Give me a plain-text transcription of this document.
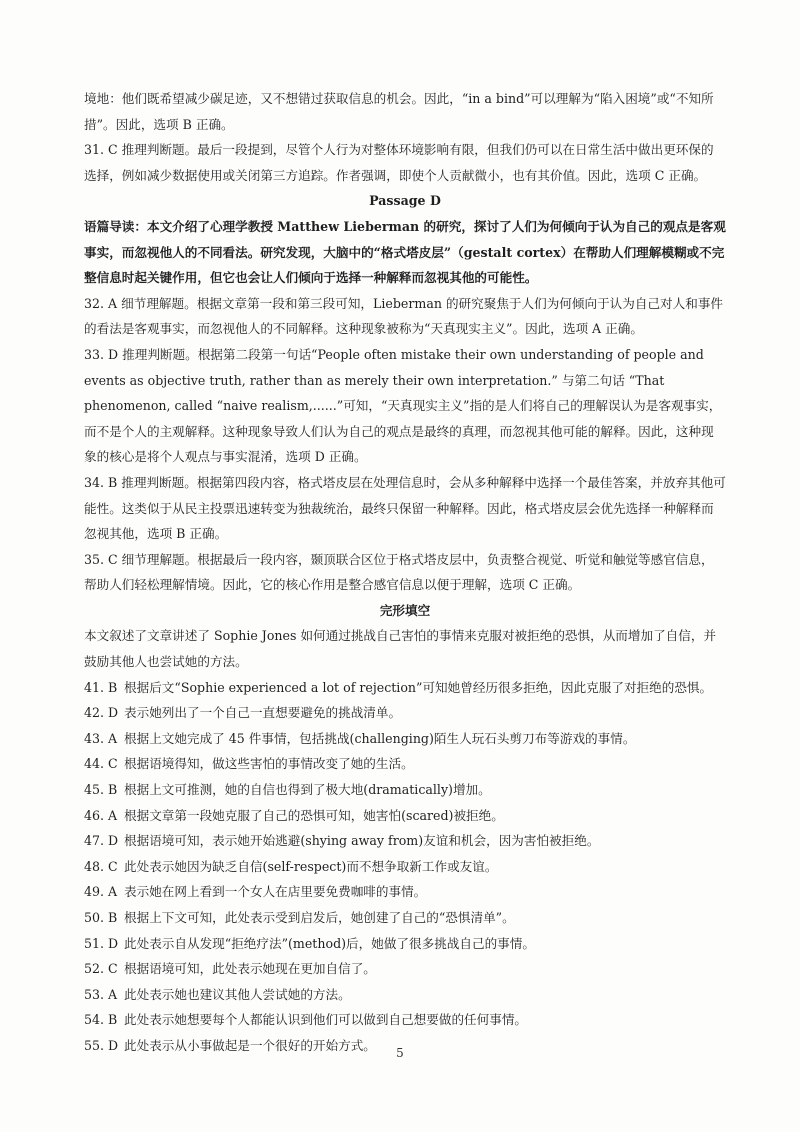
境地：他们既希望减少碳足迹，又不想错过获取信息的机会。因此，“in a bind”可以理解为“陷入困境”或“不知所措”。因此，选项 B 正确。

31. C 推理判断题。最后一段提到，尽管个人行为对整体环境影响有限，但我们仍可以在日常生活中做出更环保的选择，例如减少数据使用或关闭第三方追踪。作者强调，即使个人贡献微小，也有其价值。因此，选项 C 正确。

Passage D

语篇导读：本文介绍了心理学教授 Matthew Lieberman 的研究，探讨了人们为何倾向于认为自己的观点是客观事实，而忽视他人的不同看法。研究发现，大脑中的“格式塔皮层”（gestalt cortex）在帮助人们理解模糊或不完整信息时起关键作用，但它也会让人们倾向于选择一种解释而忽视其他的可能性。

32. A 细节理解题。根据文章第一段和第三段可知，Lieberman 的研究聚焦于人们为何倾向于认为自己对人和事件的看法是客观事实，而忽视他人的不同解释。这种现象被称为“天真现实主义”。因此，选项 A 正确。

33. D 推理判断题。根据第二段第一句话“People often mistake their own understanding of people and events as objective truth, rather than as merely their own interpretation.” 与第二句话 “That phenomenon, called “naive realism,......”可知，“天真现实主义”指的是人们将自己的理解误认为是客观事实，而不是个人的主观解释。这种现象导致人们认为自己的观点是最终的真理，而忽视其他可能的解释。因此，这种现象的核心是将个人观点与事实混淆，选项 D 正确。

34. B 推理判断题。根据第四段内容，格式塔皮层在处理信息时，会从多种解释中选择一个最佳答案，并放弃其他可能性。这类似于从民主投票迅速转变为独裁统治，最终只保留一种解释。因此，格式塔皮层会优先选择一种解释而忽视其他，选项 B 正确。

35. C 细节理解题。根据最后一段内容，颞顶联合区位于格式塔皮层中，负责整合视觉、听觉和触觉等感官信息，帮助人们轻松理解情境。因此，它的核心作用是整合感官信息以便于理解，选项 C 正确。

完形填空

本文叙述了文章讲述了 Sophie Jones 如何通过挑战自己害怕的事情来克服对被拒绝的恐惧，从而增加了自信，并鼓励其他人也尝试她的方法。

41. B 根据后文“Sophie experienced a lot of rejection”可知她曾经历很多拒绝，因此克服了对拒绝的恐惧。
42. D 表示她列出了一个自己一直想要避免的挑战清单。
43. A 根据上文她完成了 45 件事情，包括挑战(challenging)陌生人玩石头剪刀布等游戏的事情。
44. C 根据语境得知，做这些害怕的事情改变了她的生活。
45. B 根据上文可推测，她的自信也得到了极大地(dramatically)增加。
46. A 根据文章第一段她克服了自己的恐惧可知，她害怕(scared)被拒绝。
47. D 根据语境可知，表示她开始逃避(shying away from)友谊和机会，因为害怕被拒绝。
48. C 此处表示她因为缺乏自信(self-respect)而不想争取新工作或友谊。
49. A 表示她在网上看到一个女人在店里要免费咖啡的事情。
50. B 根据上下文可知，此处表示受到启发后，她创建了自己的“恐惧清单”。
51. D 此处表示自从发现“拒绝疗法”(method)后，她做了很多挑战自己的事情。
52. C 根据语境可知，此处表示她现在更加自信了。
53. A 此处表示她也建议其他人尝试她的方法。
54. B 此处表示她想要每个人都能认识到他们可以做到自己想要做的任何事情。
55. D 此处表示从小事做起是一个很好的开始方式。
5
